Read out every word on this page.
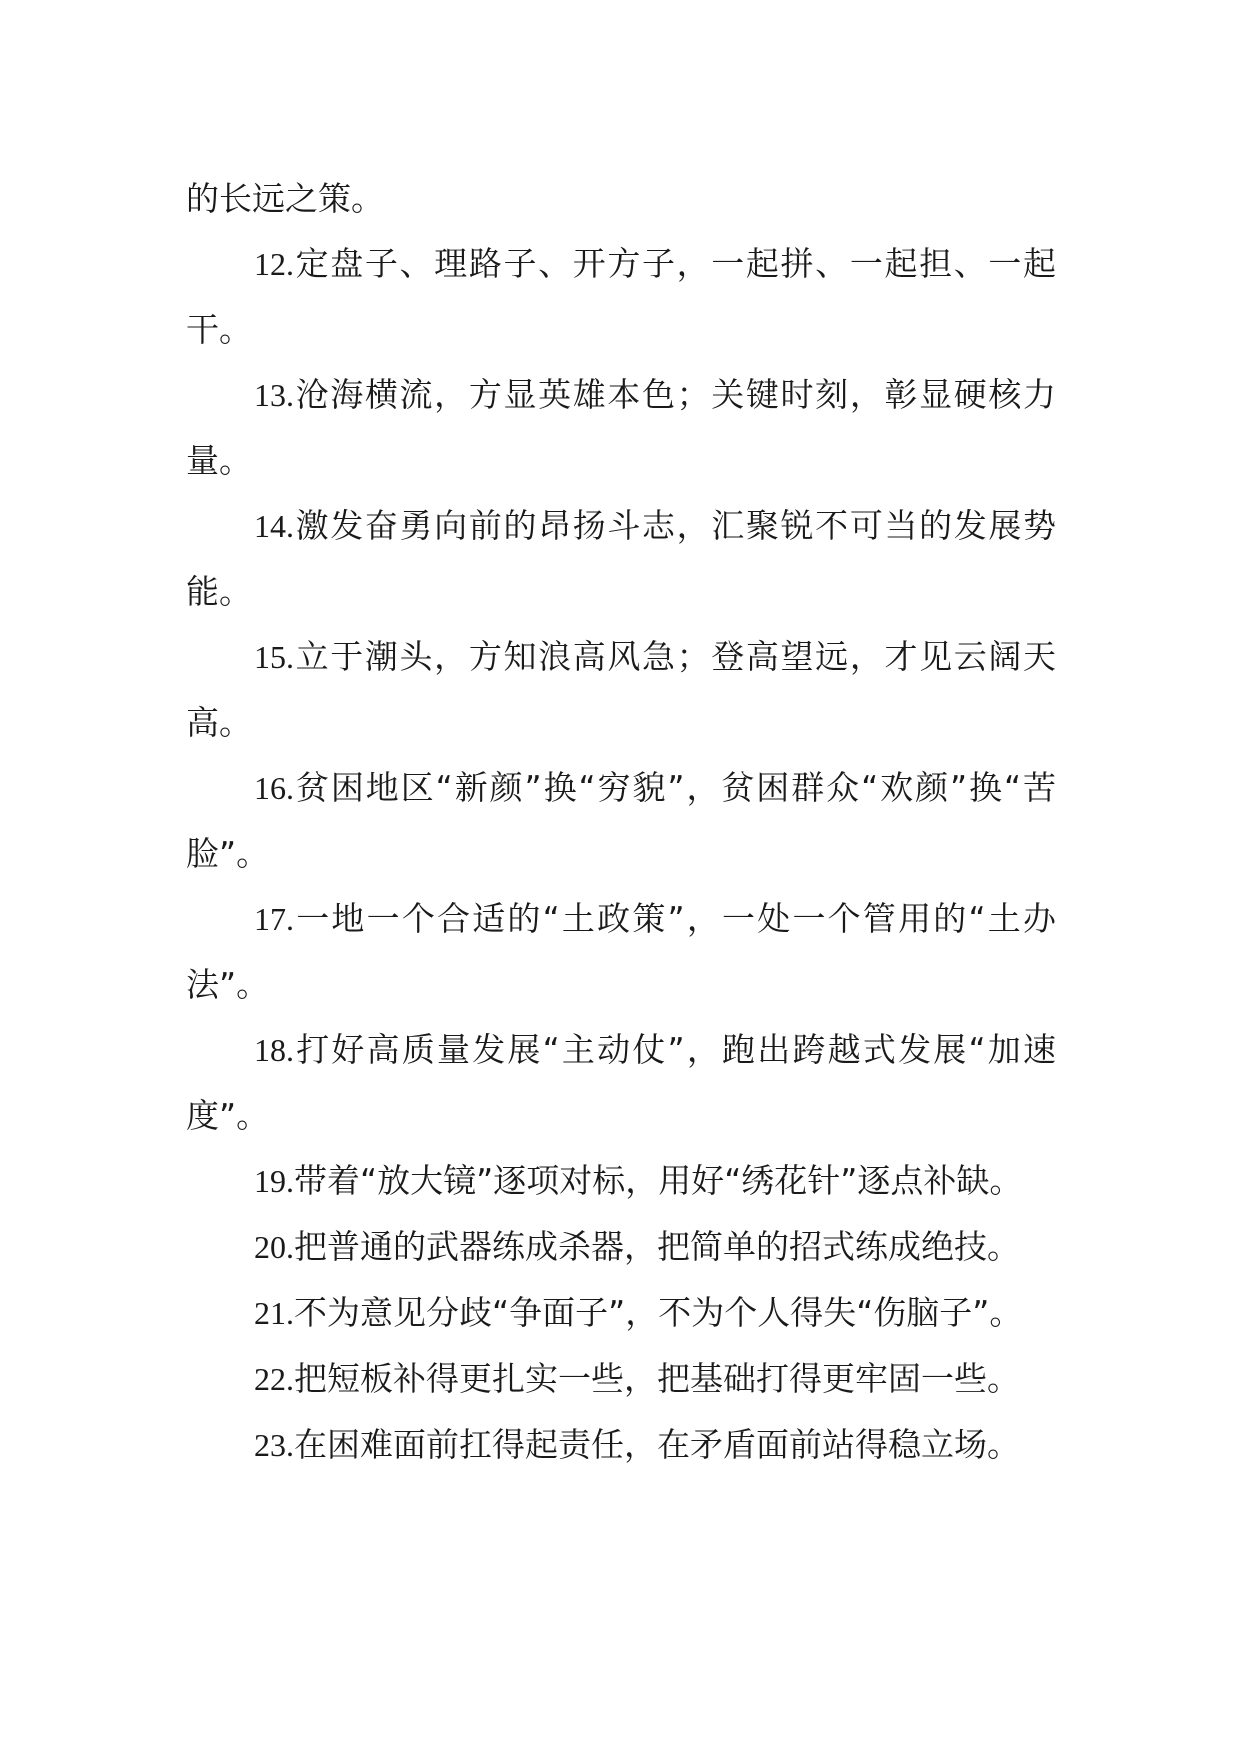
的长远之策。

12.定盘子、理路子、开方子，一起拼、一起担、一起干。

13.沧海横流，方显英雄本色；关键时刻，彰显硬核力量。

14.激发奋勇向前的昂扬斗志，汇聚锐不可当的发展势能。

15.立于潮头，方知浪高风急；登高望远，才见云阔天高。

16.贫困地区“新颜”换“穷貌”，贫困群众“欢颜”换“苦脸”。

17.一地一个合适的“土政策”，一处一个管用的“土办法”。

18.打好高质量发展“主动仗”，跑出跨越式发展“加速度”。

19.带着“放大镜”逐项对标，用好“绣花针”逐点补缺。

20.把普通的武器练成杀器，把简单的招式练成绝技。

21.不为意见分歧“争面子”，不为个人得失“伤脑子”。

22.把短板补得更扎实一些，把基础打得更牢固一些。

23.在困难面前扛得起责任，在矛盾面前站得稳立场。
